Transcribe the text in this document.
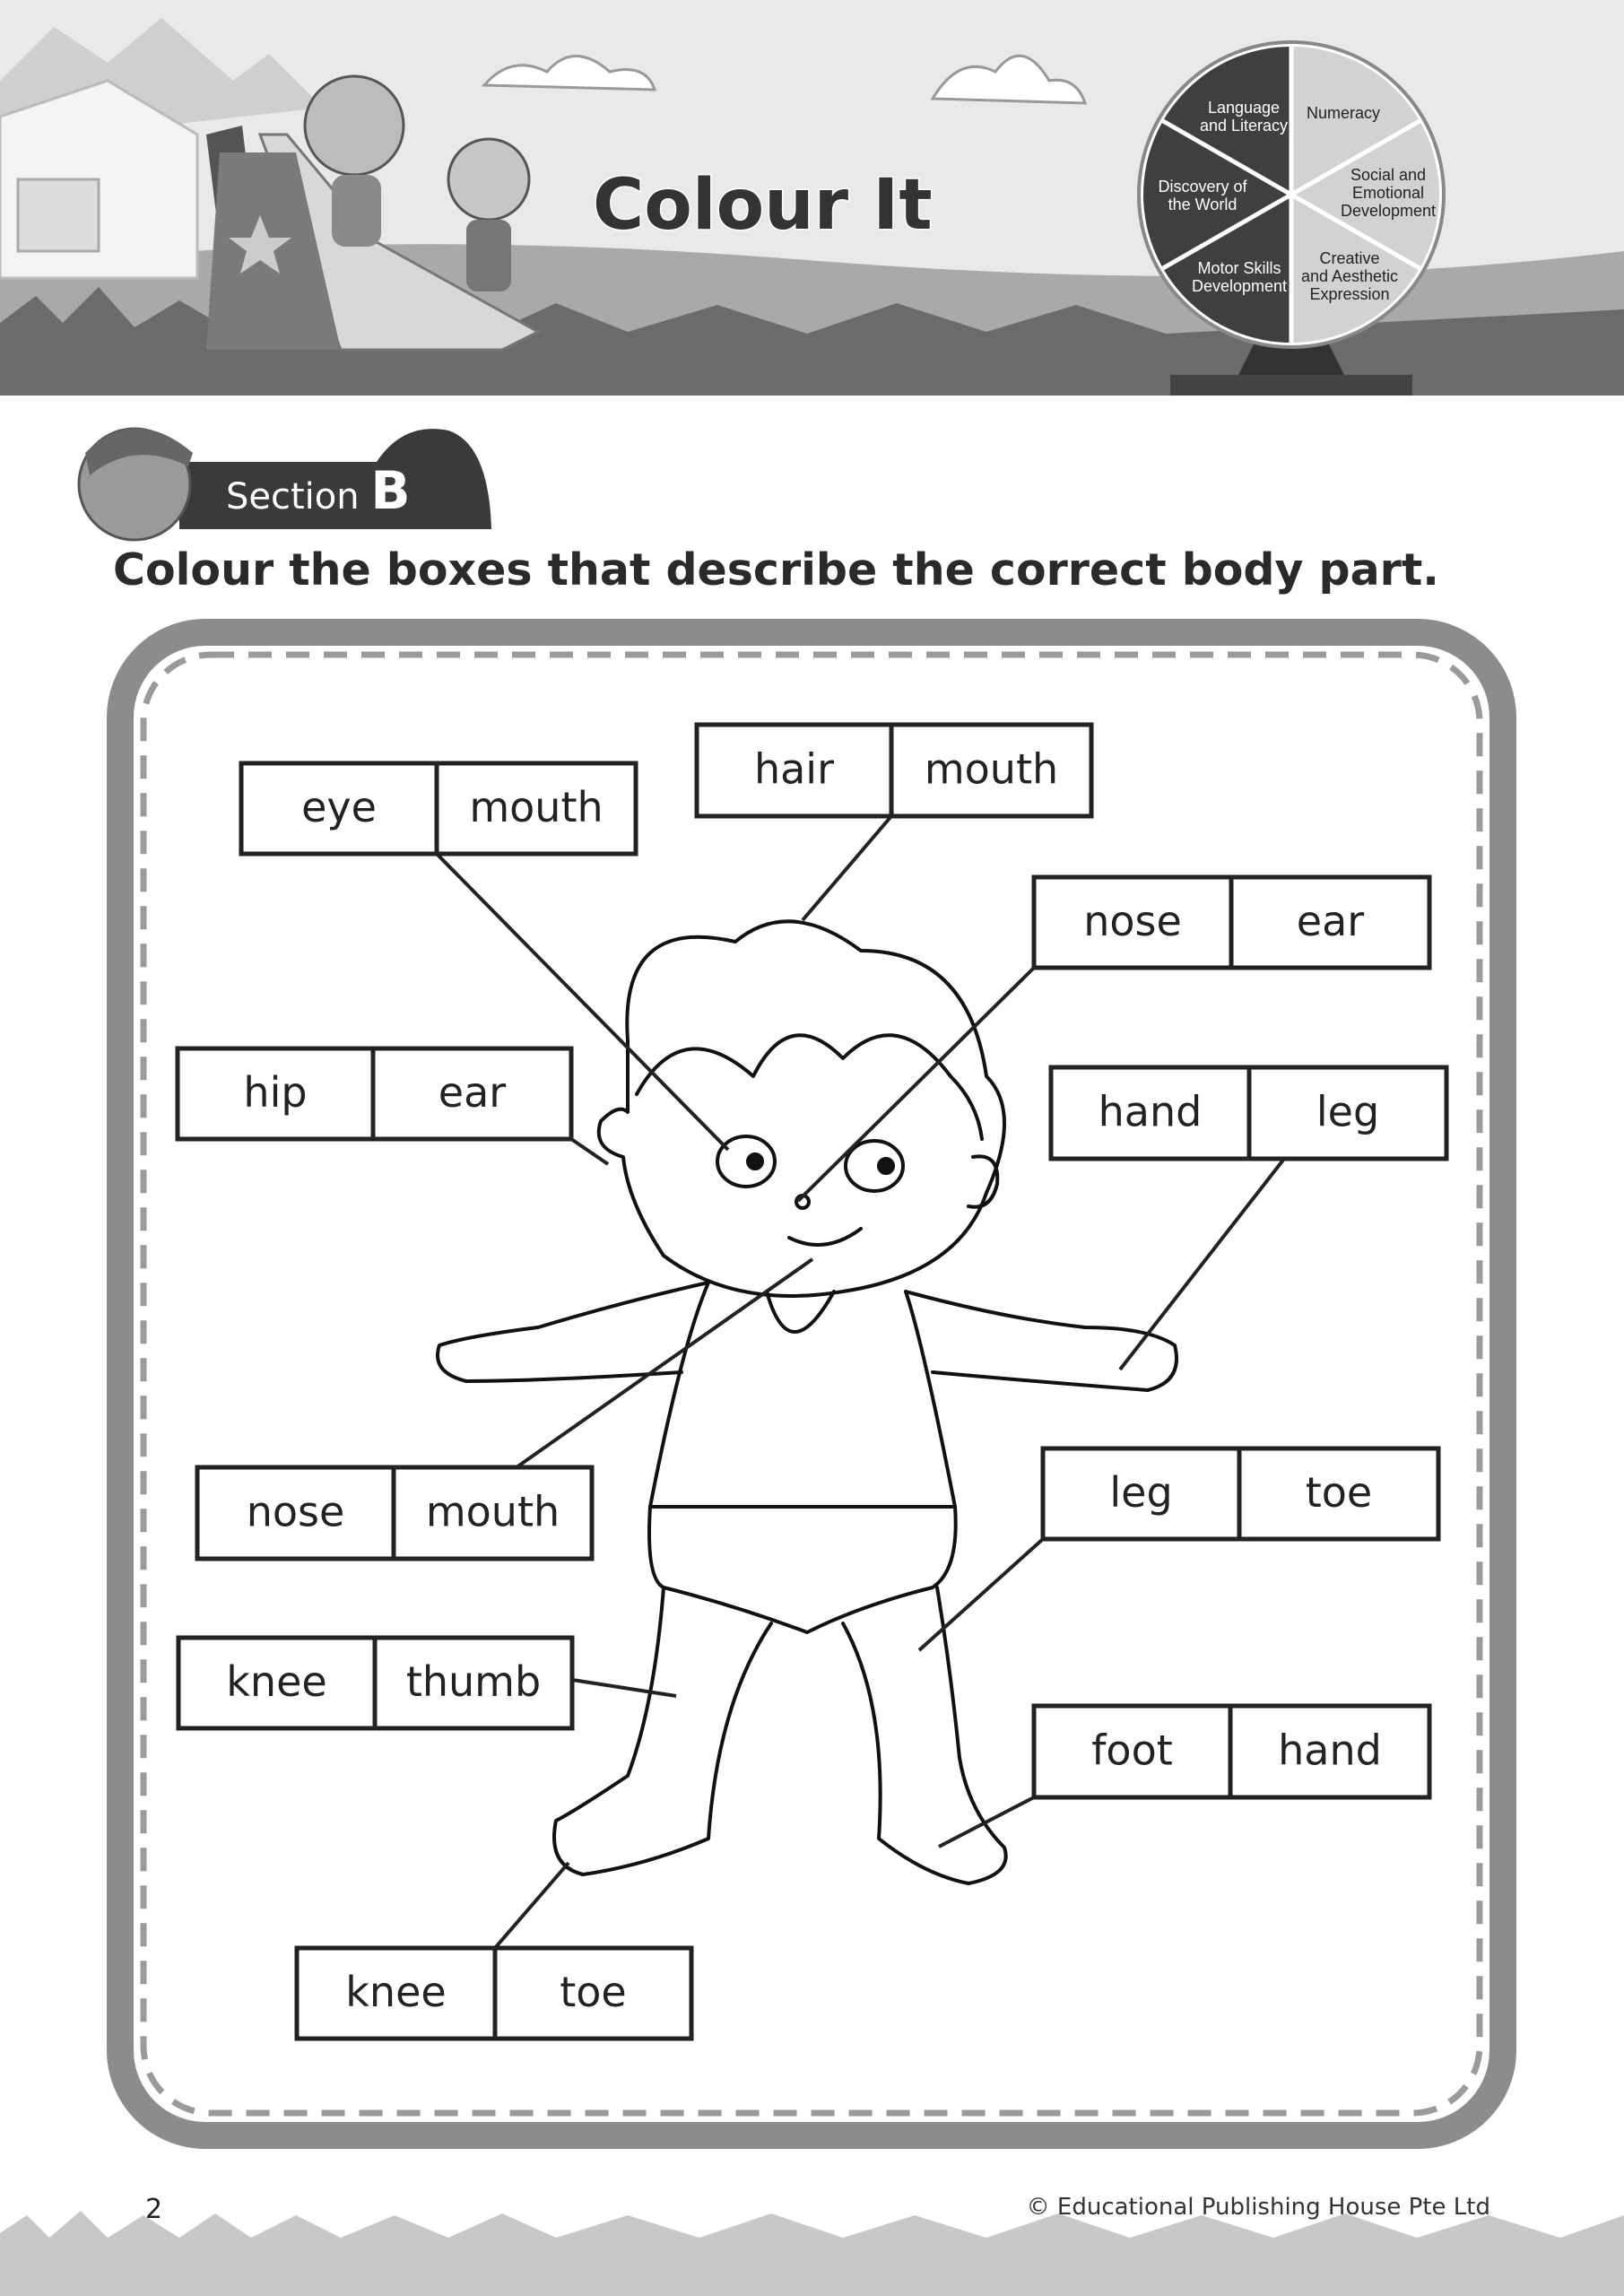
Colour It
Language and Literacy
Numeracy
Social and Emotional Development
Creative and Aesthetic Expression
Motor Skills Development
Discovery of the World
Section B
Colour the boxes that describe the correct body part.
eye mouth
hair mouth
nose	ear
hip	ear	hand	leg
nose mouth	leg	toe
knee thumb
foot	hand
knee	toe
2	© Educational Publishing House Pte Ltd
